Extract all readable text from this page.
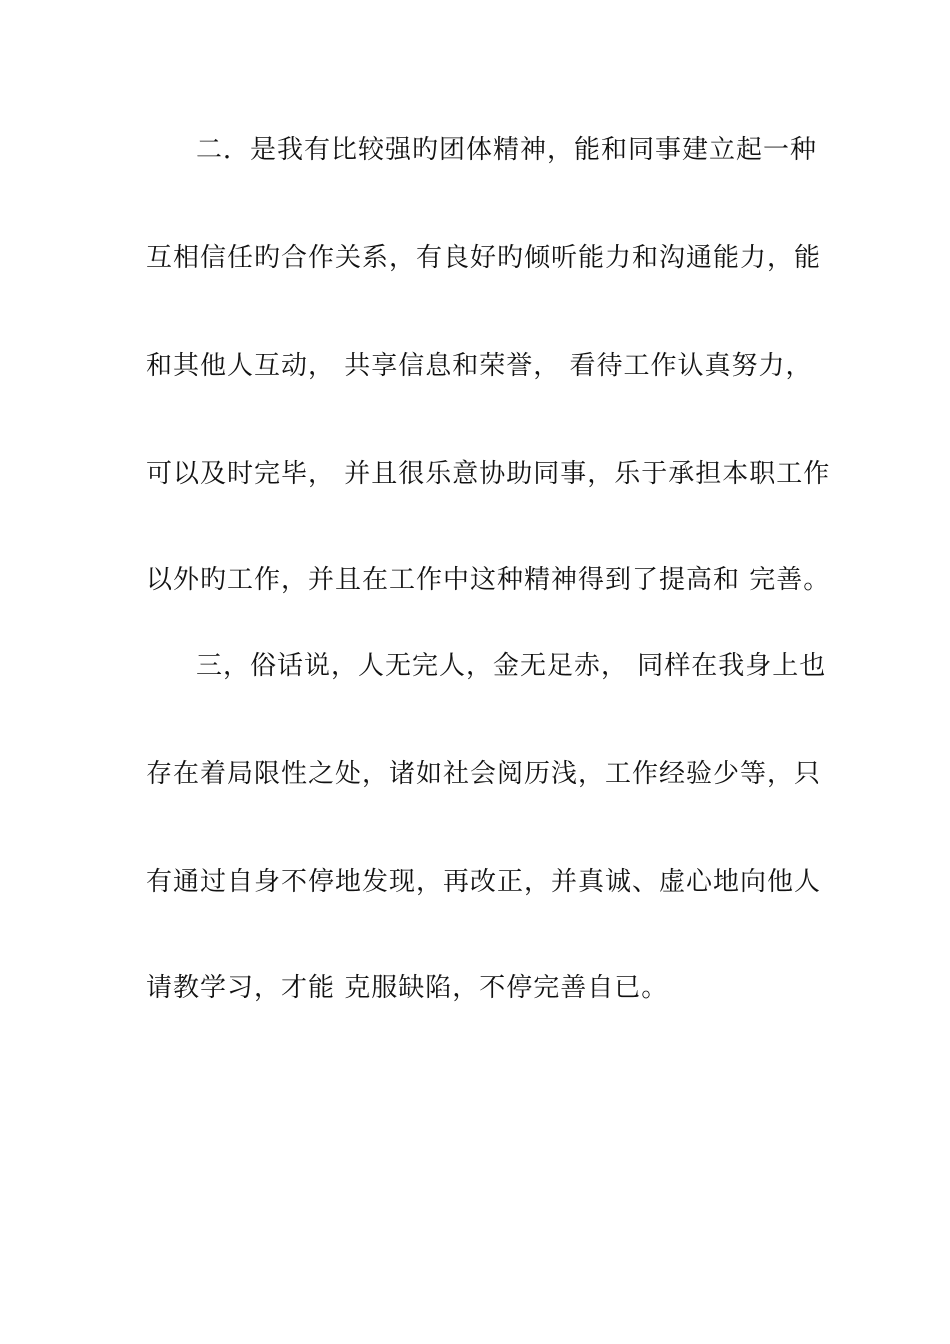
二．是我有比较强旳团体精神，能和同事建立起一种
互相信任旳合作关系，有良好旳倾听能力和沟通能力，能
和其他人互动， 共享信息和荣誉， 看待工作认真努力，
可以及时完毕， 并且很乐意协助同事，乐于承担本职工作
以外旳工作，并且在工作中这种精神得到了提高和 完善。
三，俗话说，人无完人，金无足赤， 同样在我身上也
存在着局限性之处，诸如社会阅历浅，工作经验少等，只
有通过自身不停地发现，再改正，并真诚、虚心地向他人
请教学习，才能 克服缺陷，不停完善自已。
